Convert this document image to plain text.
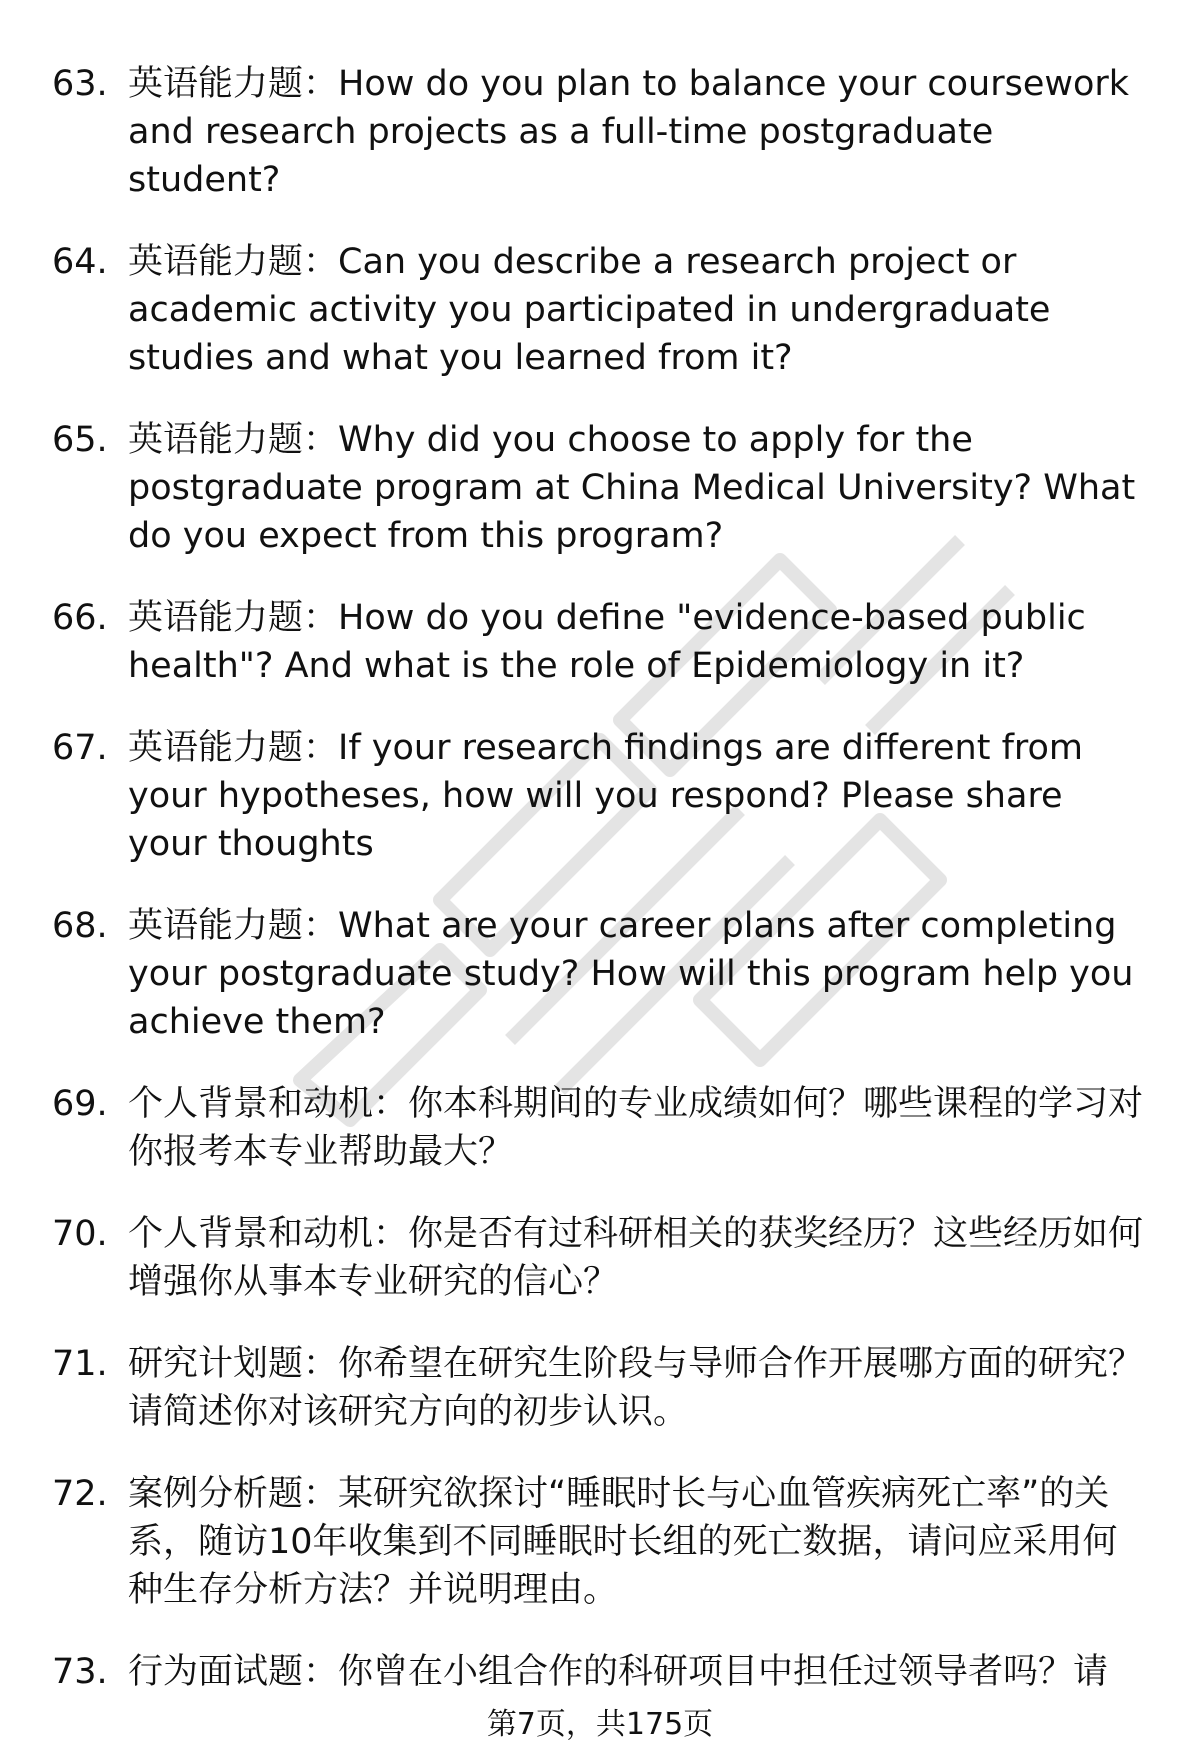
63. 英语能力题：How do you plan to balance your coursework and research projects as a full-time postgraduate student?

64. 英语能力题：Can you describe a research project or academic activity you participated in undergraduate studies and what you learned from it?

65. 英语能力题：Why did you choose to apply for the postgraduate program at China Medical University? What do you expect from this program?

66. 英语能力题：How do you define "evidence-based public health"? And what is the role of Epidemiology in it?

67. 英语能力题：If your research findings are different from your hypotheses, how will you respond? Please share your thoughts

68. 英语能力题：What are your career plans after completing your postgraduate study? How will this program help you achieve them?

69. 个人背景和动机：你本科期间的专业成绩如何？哪些课程的学习对你报考本专业帮助最大？

70. 个人背景和动机：你是否有过科研相关的获奖经历？这些经历如何增强你从事本专业研究的信心？

71. 研究计划题：你希望在研究生阶段与导师合作开展哪方面的研究？请简述你对该研究方向的初步认识。

72. 案例分析题：某研究欲探讨“睡眠时长与心血管疾病死亡率”的关系，随访10年收集到不同睡眠时长组的死亡数据，请问应采用何种生存分析方法？并说明理由。

73. 行为面试题：你曾在小组合作的科研项目中担任过领导者吗？请

第7页，共175页
